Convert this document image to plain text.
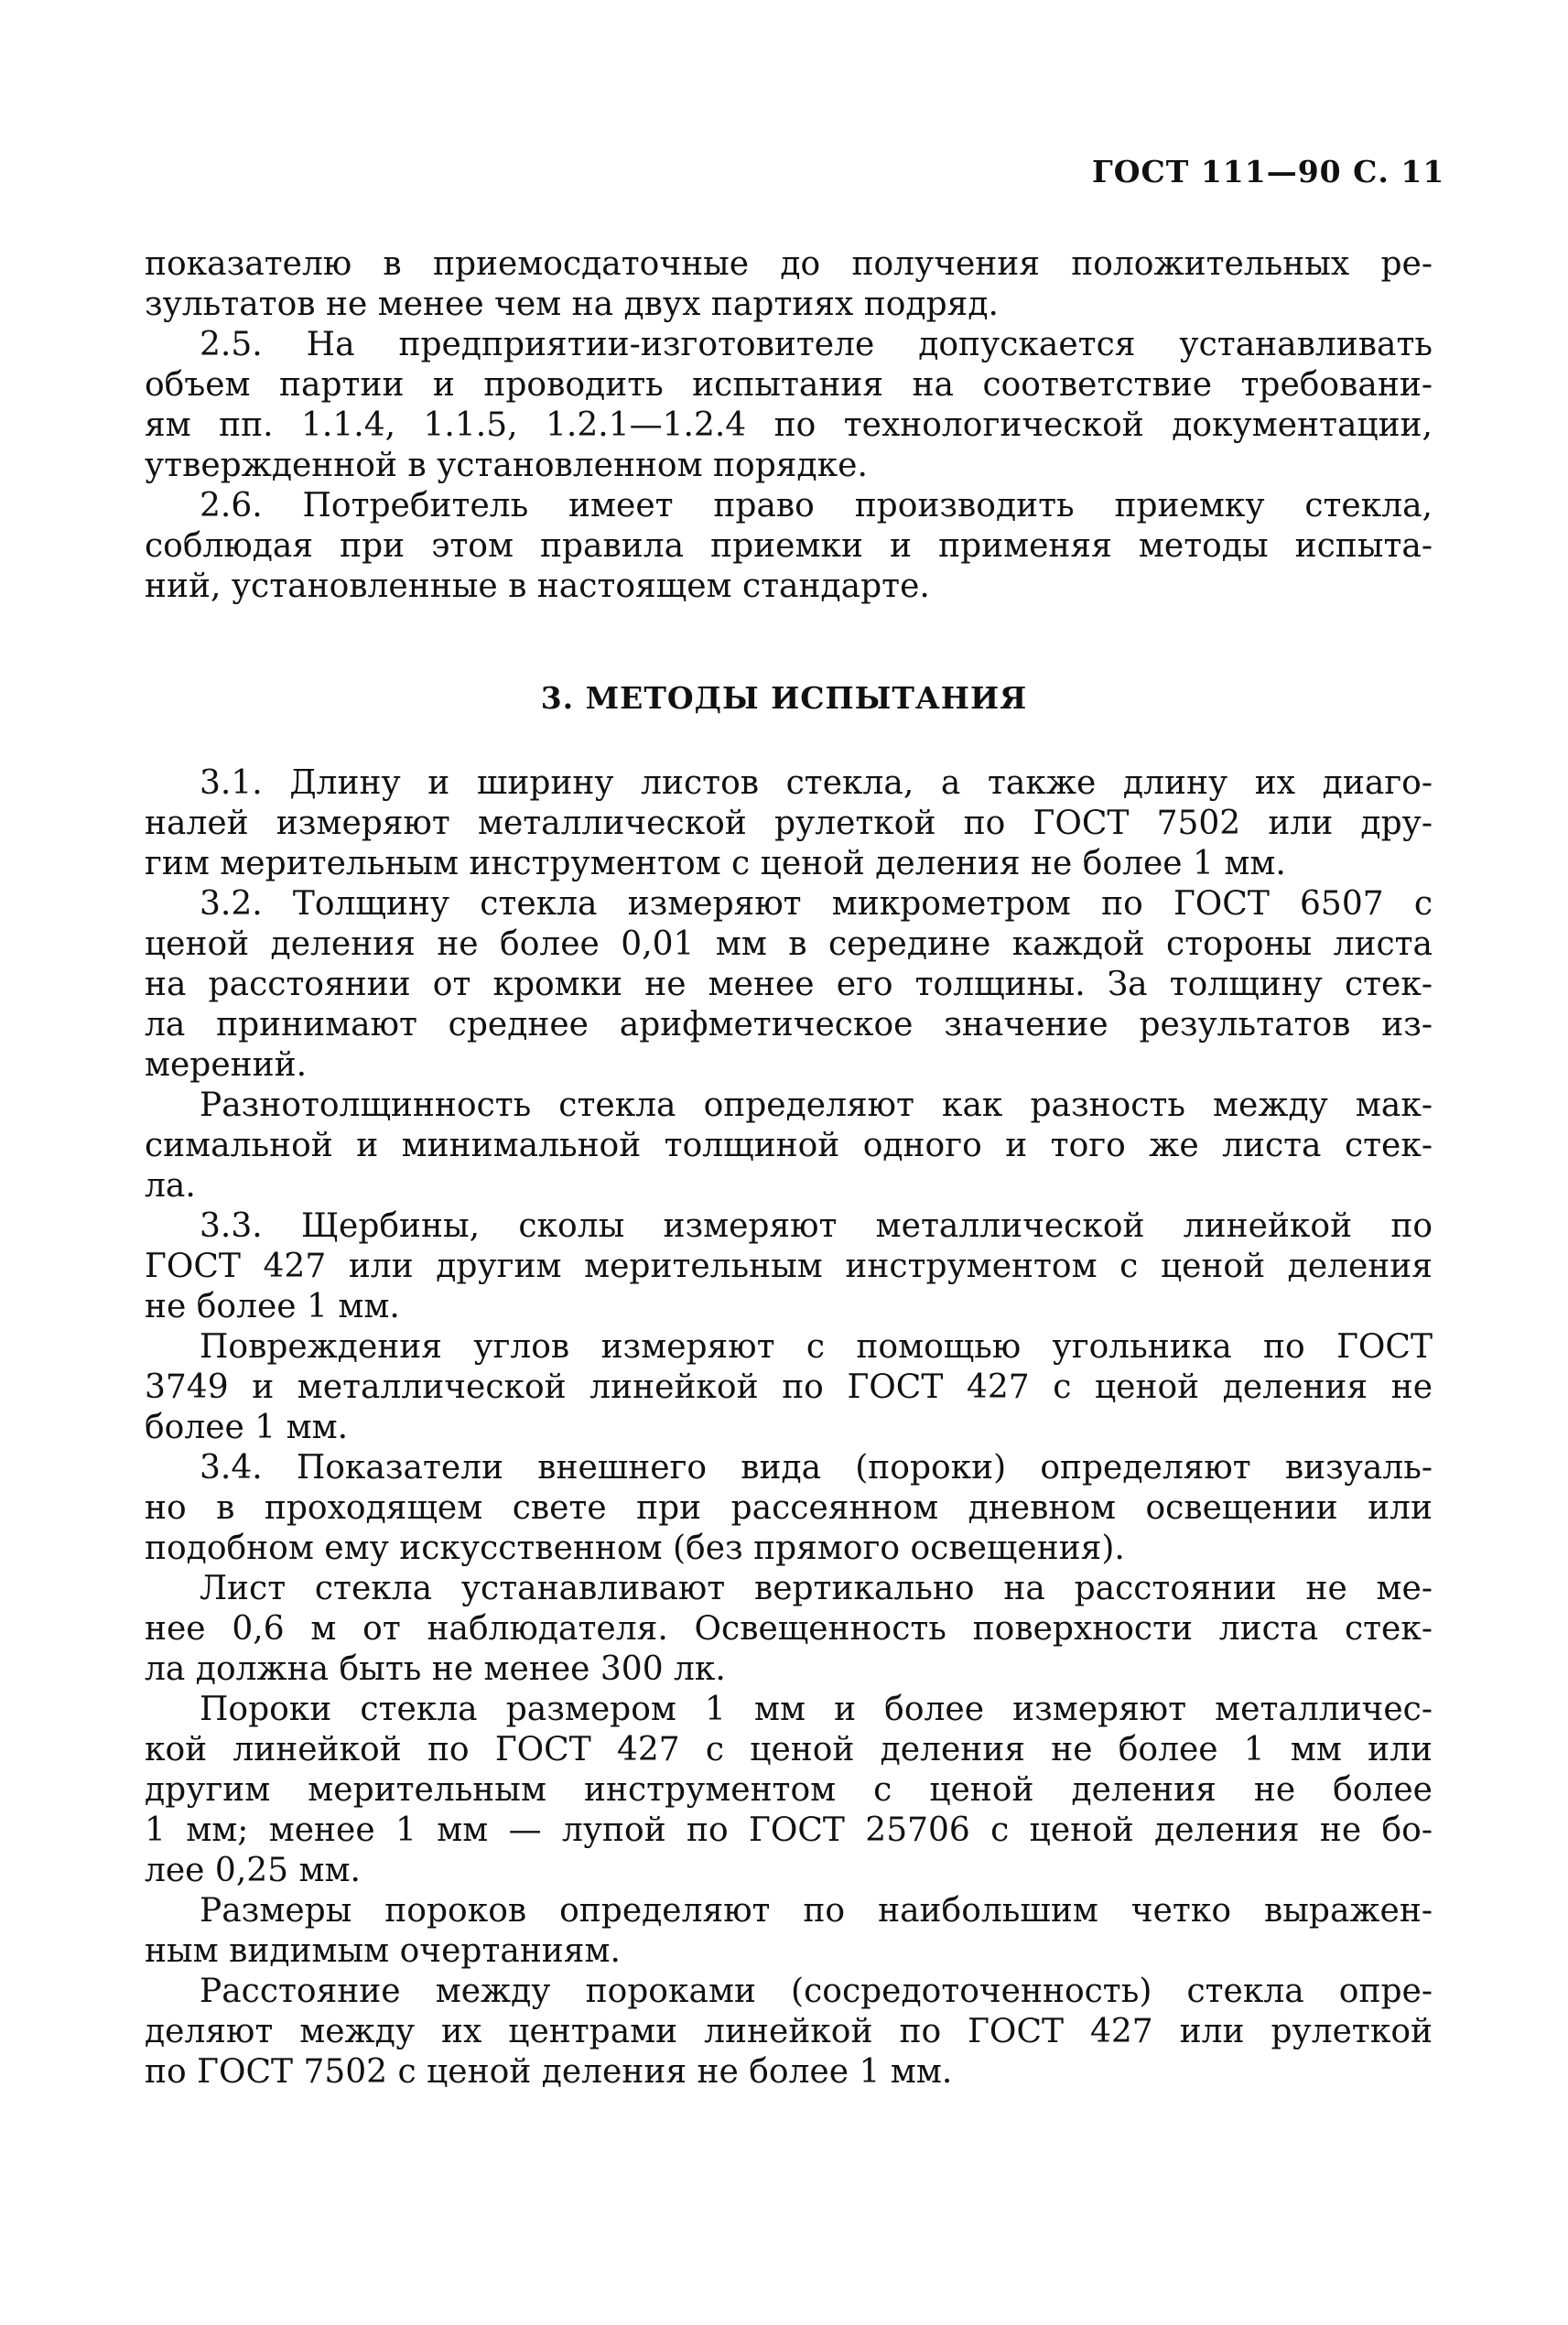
ГОСТ 111—90 С. 11
показателю в приемосдаточные до получения положительных ре-
зультатов не менее чем на двух партиях подряд.
2.5. На предприятии-изготовителе допускается устанавливать
объем партии и проводить испытания на соответствие требовани-
ям пп. 1.1.4, 1.1.5, 1.2.1—1.2.4 по технологической документации,
утвержденной в установленном порядке.
2.6. Потребитель имеет право производить приемку стекла,
соблюдая при этом правила приемки и применяя методы испыта-
ний, установленные в настоящем стандарте.
3. МЕТОДЫ ИСПЫТАНИЯ
3.1. Длину и ширину листов стекла, а также длину их диаго-
налей измеряют металлической рулеткой по ГОСТ 7502 или дру-
гим мерительным инструментом с ценой деления не более 1 мм.
3.2. Толщину стекла измеряют микрометром по ГОСТ 6507 с
ценой деления не более 0,01 мм в середине каждой стороны листа
на расстоянии от кромки не менее его толщины. За толщину стек-
ла принимают среднее арифметическое значение результатов из-
мерений.
Разнотолщинность стекла определяют как разность между мак-
симальной и минимальной толщиной одного и того же листа стек-
ла.
3.3. Щербины, сколы измеряют металлической линейкой по
ГОСТ 427 или другим мерительным инструментом с ценой деления
не более 1 мм.
Повреждения углов измеряют с помощью угольника по ГОСТ
3749 и металлической линейкой по ГОСТ 427 с ценой деления не
более 1 мм.
3.4. Показатели внешнего вида (пороки) определяют визуаль-
но в проходящем свете при рассеянном дневном освещении или
подобном ему искусственном (без прямого освещения).
Лист стекла устанавливают вертикально на расстоянии не ме-
нее 0,6 м от наблюдателя. Освещенность поверхности листа стек-
ла должна быть не менее 300 лк.
Пороки стекла размером 1 мм и более измеряют металличес-
кой линейкой по ГОСТ 427 с ценой деления не более 1 мм или
другим мерительным инструментом с ценой деления не более
1 мм; менее 1 мм — лупой по ГОСТ 25706 с ценой деления не бо-
лее 0,25 мм.
Размеры пороков определяют по наибольшим четко выражен-
ным видимым очертаниям.
Расстояние между пороками (сосредоточенность) стекла опре-
деляют между их центрами линейкой по ГОСТ 427 или рулеткой
по ГОСТ 7502 с ценой деления не более 1 мм.
